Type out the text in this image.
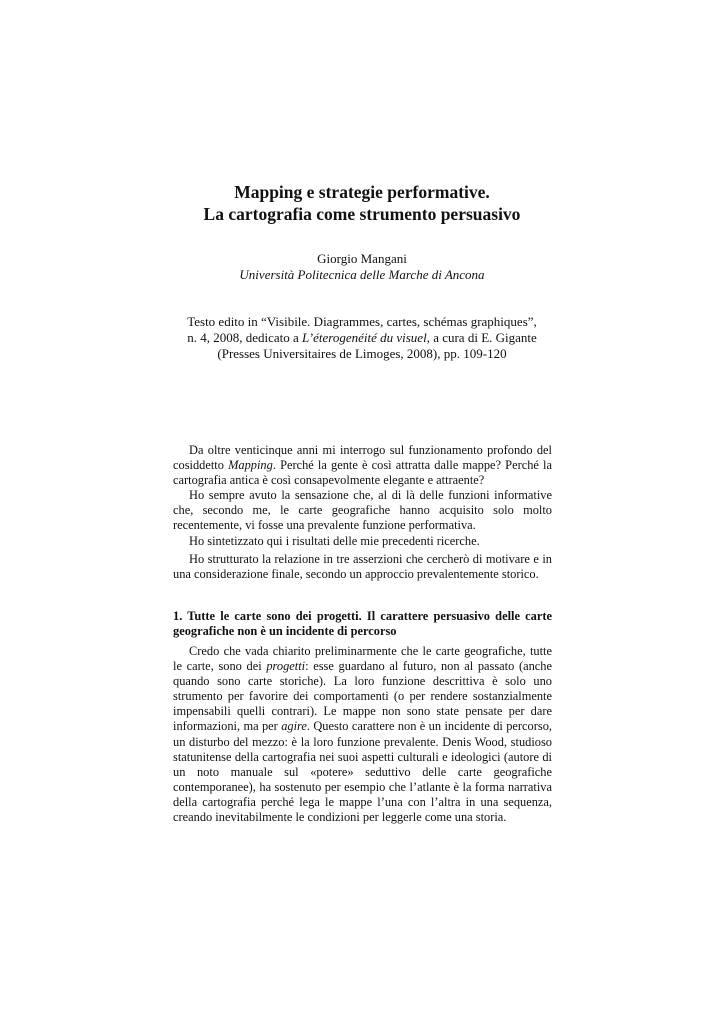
Mapping e strategie performative.
La cartografia come strumento persuasivo
Giorgio Mangani
Università Politecnica delle Marche di Ancona
Testo edito in “Visibile. Diagrammes, cartes, schémas graphiques”,
n. 4, 2008, dedicato a L’éterogenéité du visuel, a cura di E. Gigante
(Presses Universitaires de Limoges, 2008), pp. 109-120

Da oltre venticinque anni mi interrogo sul funzionamento profondo del cosiddetto Mapping. Perché la gente è così attratta dalle mappe? Perché la cartografia antica è così consapevolmente elegante e attraente?

Ho sempre avuto la sensazione che, al di là delle funzioni informative che, secondo me, le carte geografiche hanno acquisito solo molto recentemente, vi fosse una prevalente funzione performativa.

Ho sintetizzato qui i risultati delle mie precedenti ricerche.

Ho strutturato la relazione in tre asserzioni che cercherò di motivare e in una considerazione finale, secondo un approccio prevalentemente storico.

1. Tutte le carte sono dei progetti. Il carattere persuasivo delle carte geografiche non è un incidente di percorso

Credo che vada chiarito preliminarmente che le carte geografiche, tutte le carte, sono dei progetti: esse guardano al futuro, non al passato (anche quando sono carte storiche). La loro funzione descrittiva è solo uno strumento per favorire dei comportamenti (o per rendere sostanzialmente impensabili quelli contrari). Le mappe non sono state pensate per dare informazioni, ma per agire. Questo carattere non è un incidente di percorso, un disturbo del mezzo: è la loro funzione prevalente. Denis Wood, studioso statunitense della cartografia nei suoi aspetti culturali e ideologici (autore di un noto manuale sul «potere» seduttivo delle carte geografiche contemporanee), ha sostenuto per esempio che l’atlante è la forma narrativa della cartografia perché lega le mappe l’una con l’altra in una sequenza, creando inevitabilmente le condizioni per leggerle come una storia.
